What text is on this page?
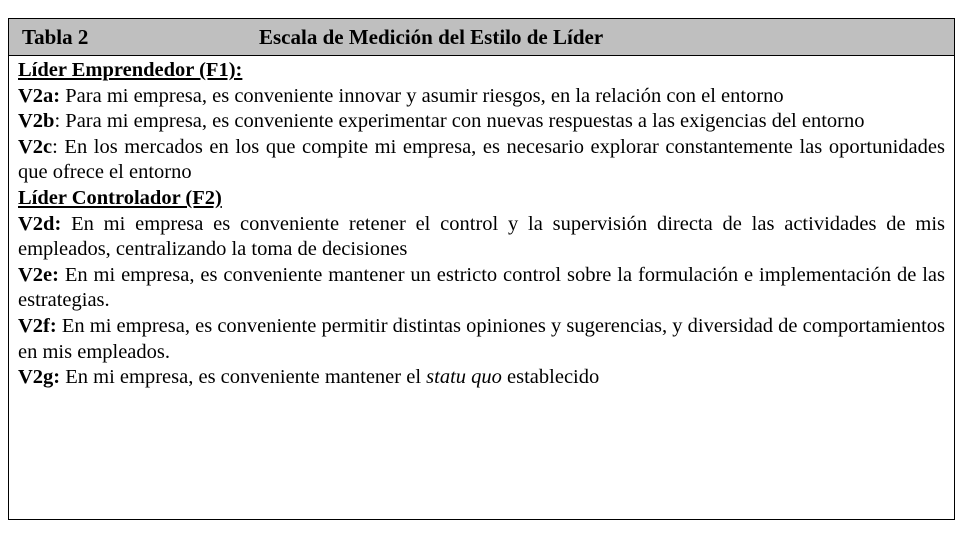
Tabla 2	Escala de Medición del Estilo de Líder

Líder Emprendedor (F1):

V2a: Para mi empresa, es conveniente innovar y asumir riesgos, en la relación con el entorno

V2b: Para mi empresa, es conveniente experimentar con nuevas respuestas a las exigencias del entorno

V2c: En los mercados en los que compite mi empresa, es necesario explorar constantemente las oportunidades que ofrece el entorno

Líder Controlador (F2)

V2d: En mi empresa es conveniente retener el control y la supervisión directa de las actividades de mis empleados, centralizando la toma de decisiones

V2e: En mi empresa, es conveniente mantener un estricto control sobre la formulación e implementación de las estrategias.

V2f: En mi empresa, es conveniente permitir distintas opiniones y sugerencias, y diversidad de comportamientos en mis empleados.

V2g: En mi empresa, es conveniente mantener el statu quo establecido
